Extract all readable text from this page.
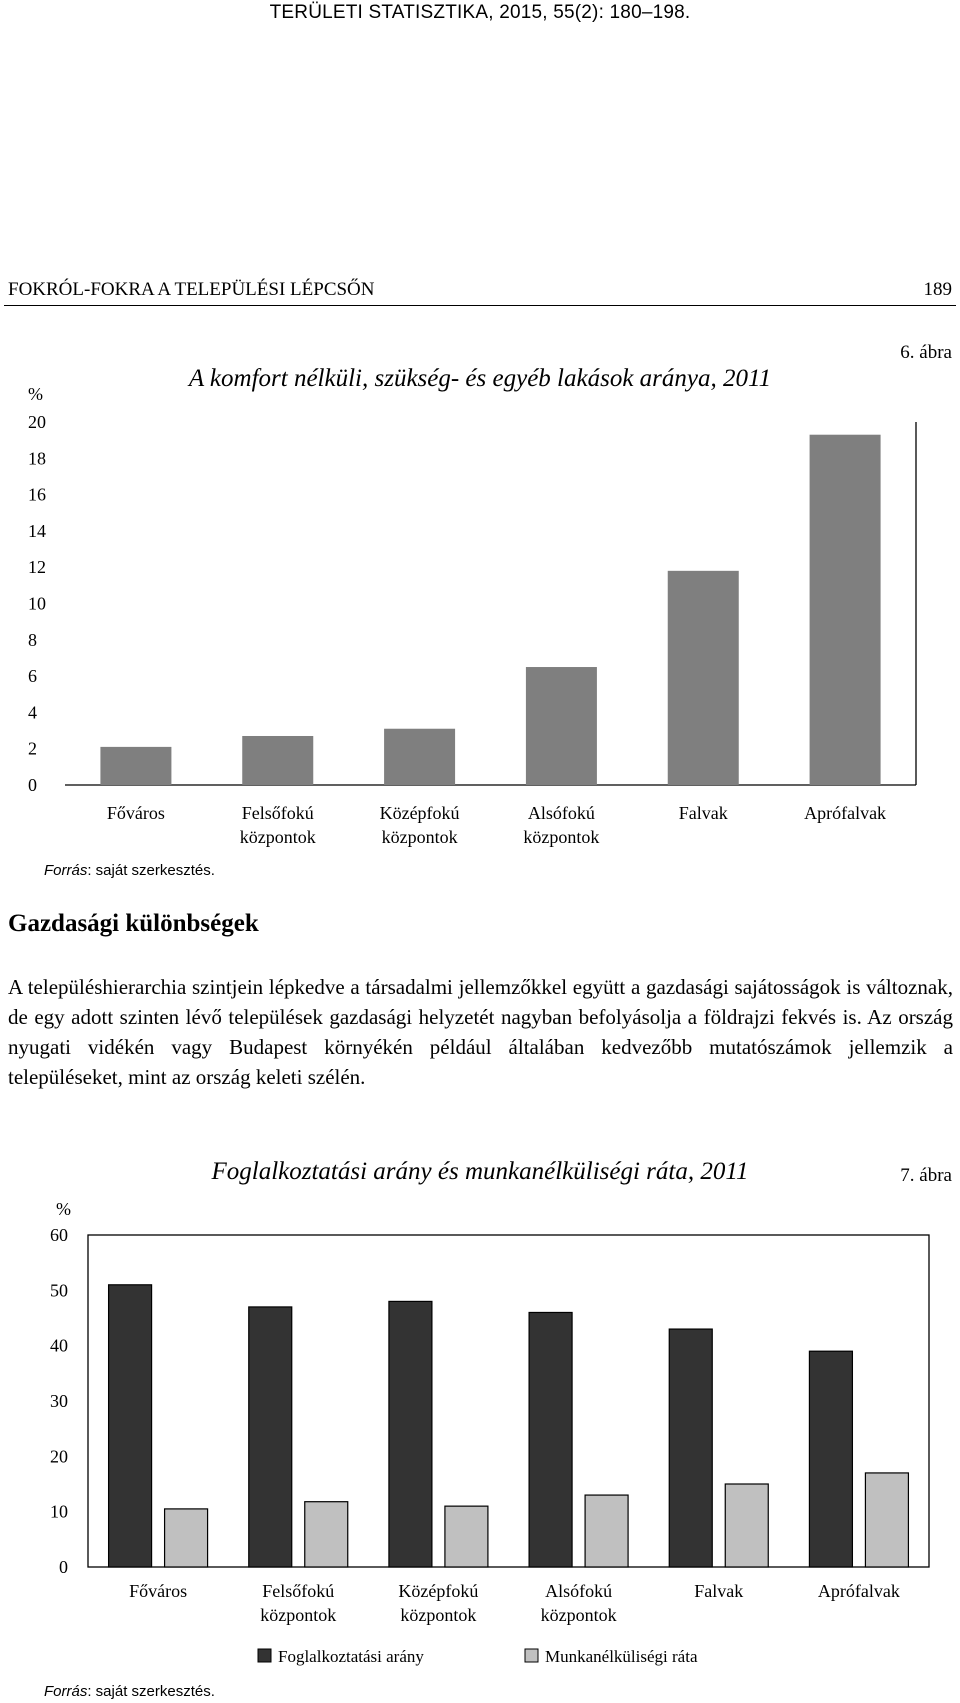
TERÜLETI STATISZTIKA, 2015, 55(2): 180–198.
FOKRÓL-FOKRA A TELEPÜLÉSI LÉPCSŐN	189
6. ábra
A komfort nélküli, szükség- és egyéb lakások aránya, 2011
%
0
2
4
6
8
10
12
14
16
18
20
Főváros	Felsőfokú
központok
Középfokú
központok
Alsófokú
központok
Falvak	Aprófalvak
Forrás: saját szerkesztés.
Gazdasági különbségek
A településhierarchia szintjein lépkedve a társadalmi jellemzőkkel együtt a gazdasági sajátosságok is változnak, de egy adott szinten lévő települések gazdasági helyzetét nagyban befolyásolja a földrajzi fekvés is. Az ország nyugati vidékén vagy Budapest környékén például általában kedvezőbb mutatószámok jellemzik a településeket, mint az ország keleti szélén.
7. ábra
Foglalkoztatási arány és munkanélküliségi ráta, 2011
%
0
10
20
30
40
50
60
Főváros	Felsőfokú
központok
Középfokú
központok
Alsófokú
központok
Falvak	Aprófalvak
Foglalkoztatási arány	Munkanélküliségi ráta
Forrás: saját szerkesztés.
